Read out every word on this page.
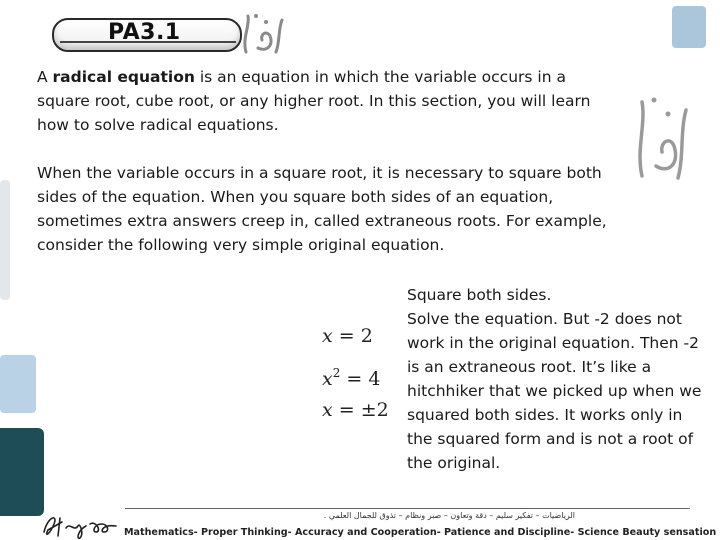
PA3.1
A radical equation is an equation in which the variable occurs in a square root, cube root, or any higher root. In this section, you will learn how to solve radical equations.
When the variable occurs in a square root, it is necessary to square both sides of the equation. When you square both sides of an equation, sometimes extra answers creep in, called extraneous roots. For example, consider the following very simple original equation.
x = 2
$x^2 = 4$
x = ±2
Square both sides.
Solve the equation. But -2 does not work in the original equation. Then -2 is an extraneous root. It’s like a hitchhiker that we picked up when we squared both sides. It works only in the squared form and is not a root of the original.
الرياضيات – تفكير سليم – دقة وتعاون – صبر ونظام – تذوق للجمال العلمي .
Mathematics- Proper Thinking- Accuracy and Cooperation- Patience and Discipline- Science Beauty sensation
